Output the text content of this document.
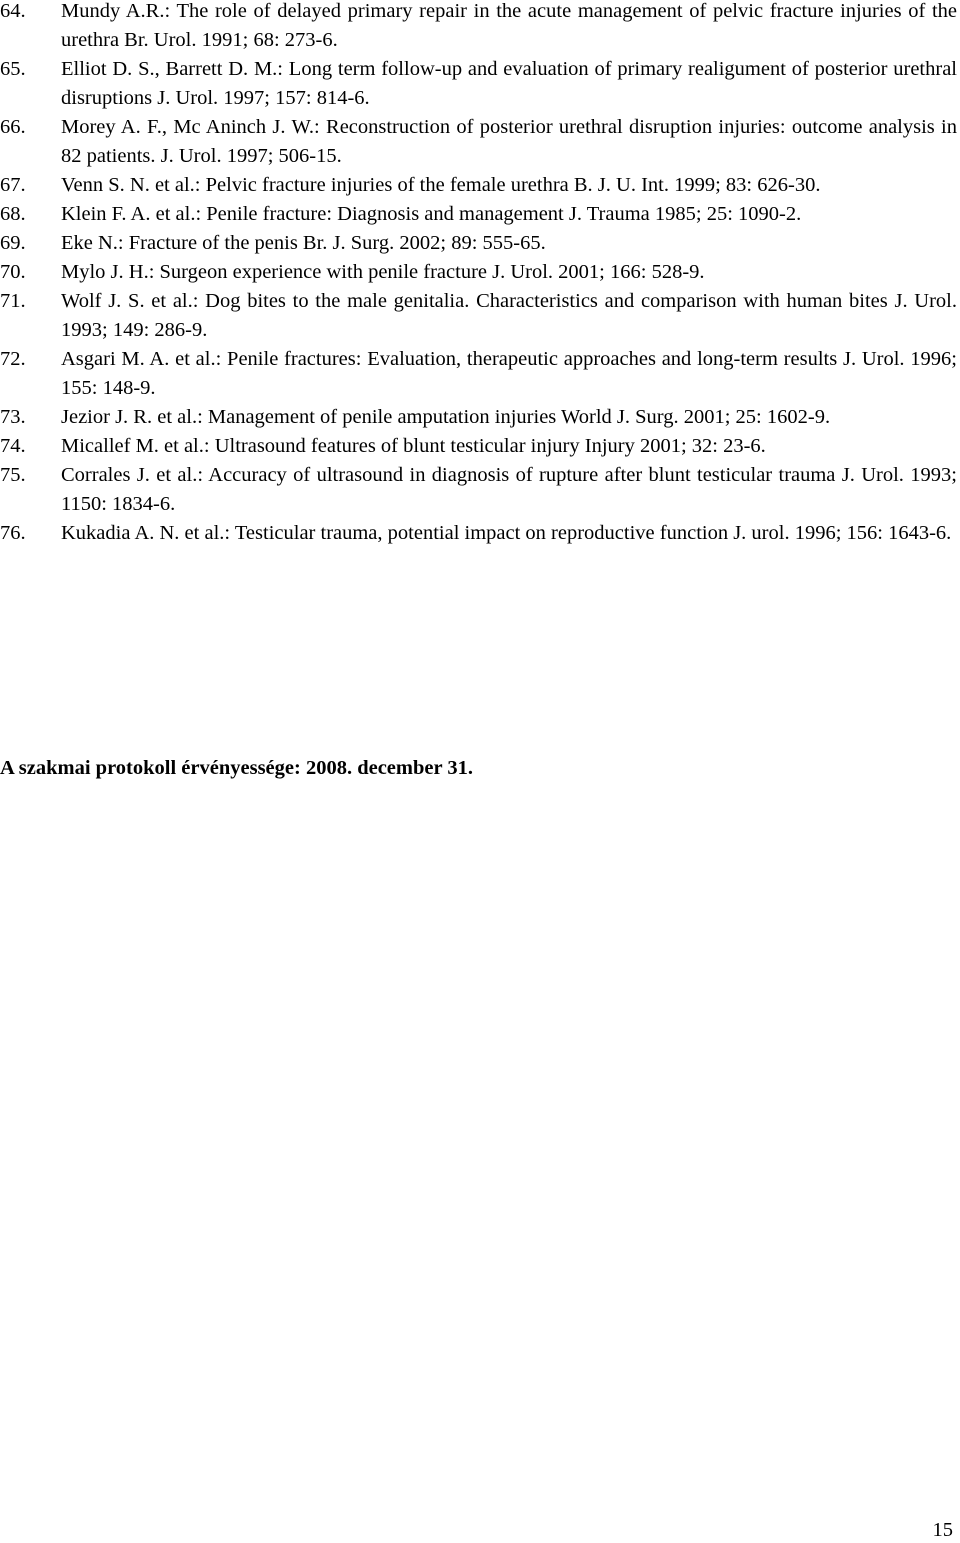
64.	Mundy A.R.: The role of delayed primary repair in the acute management of pelvic fracture injuries of the urethra Br. Urol. 1991; 68: 273-6.
65.	Elliot D. S., Barrett D. M.: Long term follow-up and evaluation of primary realigument of posterior urethral disruptions J. Urol. 1997; 157: 814-6.
66.	Morey A. F., Mc Aninch J. W.: Reconstruction of posterior urethral disruption injuries: outcome analysis in 82 patients. J. Urol. 1997; 506-15.
67.	Venn S. N. et al.: Pelvic fracture injuries of the female urethra B. J. U. Int. 1999; 83: 626-30.
68.	Klein F. A. et al.: Penile fracture: Diagnosis and management J. Trauma 1985; 25: 1090-2.
69.	Eke N.: Fracture of the penis Br. J. Surg. 2002; 89: 555-65.
70.	Mylo J. H.: Surgeon experience with penile fracture J. Urol. 2001; 166: 528-9.
71.	Wolf J. S. et al.: Dog bites to the male genitalia. Characteristics and comparison with human bites J. Urol. 1993; 149: 286-9.
72.	Asgari M. A. et al.: Penile fractures: Evaluation, therapeutic approaches and long-term results J. Urol. 1996; 155: 148-9.
73.	Jezior J. R. et al.: Management of penile amputation injuries World J. Surg. 2001; 25: 1602-9.
74.	Micallef M. et al.: Ultrasound features of blunt testicular injury Injury 2001; 32: 23-6.
75.	Corrales J. et al.: Accuracy of ultrasound in diagnosis of rupture after blunt testicular trauma J. Urol. 1993; 1150: 1834-6.
76.	Kukadia A. N. et al.: Testicular trauma, potential impact on reproductive function J. urol. 1996; 156: 1643-6.

A szakmai protokoll érvényessége: 2008. december 31.

15
